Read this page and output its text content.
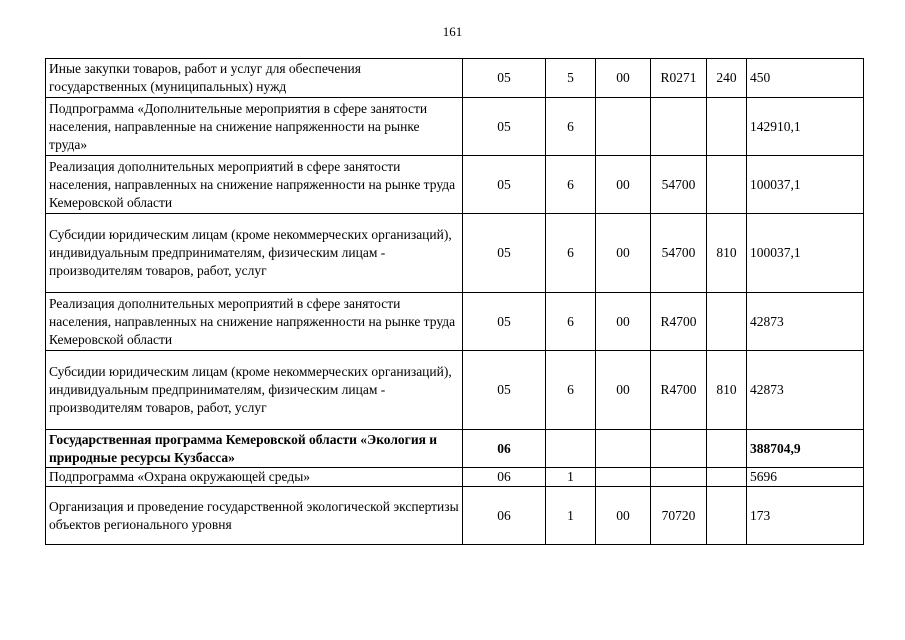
161
Иные закупки товаров, работ и услуг для обеспечения государственных (муниципальных) нужд	05	5	00	R0271	240	450
Подпрограмма «Дополнительные мероприятия в сфере занятости населения, направленные на снижение напряженности на рынке труда»	05	6				142910,1
Реализация дополнительных мероприятий в сфере занятости населения, направленных на снижение напряженности на рынке труда Кемеровской области	05	6	00	54700		100037,1
Субсидии юридическим лицам (кроме некоммерческих организаций), индивидуальным предпринимателям, физическим лицам - производителям товаров, работ, услуг	05	6	00	54700	810	100037,1
Реализация дополнительных мероприятий в сфере занятости населения, направленных на снижение напряженности на рынке труда Кемеровской области	05	6	00	R4700		42873
Субсидии юридическим лицам (кроме некоммерческих организаций), индивидуальным предпринимателям, физическим лицам - производителям товаров, работ, услуг	05	6	00	R4700	810	42873
Государственная программа Кемеровской области «Экология и природные ресурсы Кузбасса»	06					388704,9
Подпрограмма «Охрана окружающей среды»	06	1				5696
Организация и проведение государственной экологической экспертизы объектов регионального уровня	06	1	00	70720		173
